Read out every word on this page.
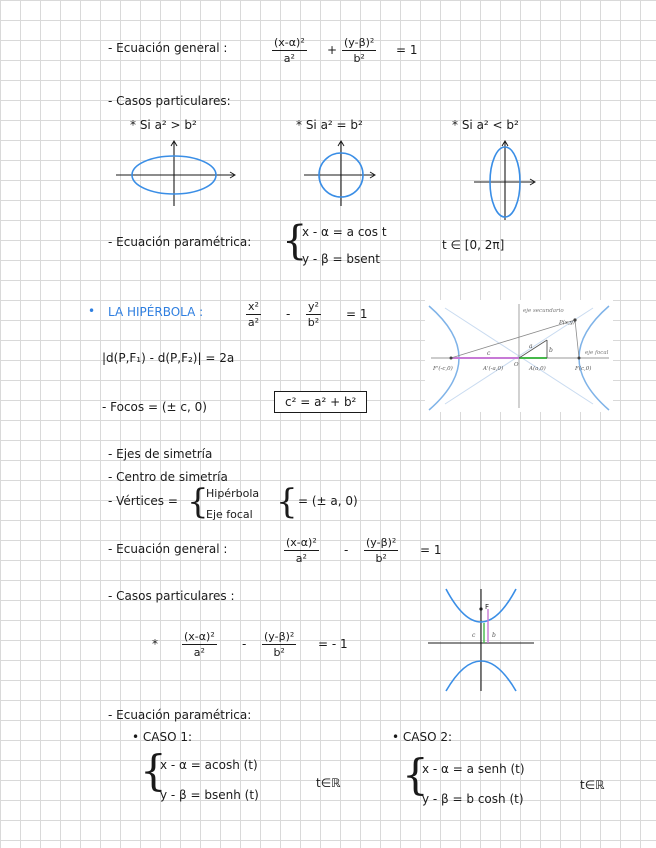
- Ecuación general :	$\frac{\text{(x-α)²}}{\text{a²}} + \frac{\text{(y-β)²}}{\text{b²}} = 1$
- Casos particulares:
* Si a² > b²	* Si a² = b²	* Si a² < b²
- Ecuación paramétrica: {
x - α = a cos t
y - β = bsent
t ∈ [0, 2π]
• LA HIPÉRBOLA :	$\frac{\text{x²}}{\text{a²}} - \frac{\text{y²}}{\text{b²}} = 1$
|d(P,F₁) - d(P,F₂)| = 2a
- Focos = (± c, 0)	c² = a² + b²
eje secundario
eje focal
P(x,y)
F'(-c,0)	A'(-a,0)	A(a,0)	F(c,0)
O
c
a
b
- Ejes de simetría
- Centro de simetría
- Vértices = {
Hipérbola
Eje focal { = (± a, 0)
- Ecuación general :	$\frac{\text{(x-α)²}}{\text{a²}} - \frac{\text{(y-β)²}}{\text{b²}} = 1$
- Casos particulares :
* $\frac{\text{(x-α)²}}{\text{a²}} - \frac{\text{(y-β)²}}{\text{b²}}$ = - 1
F
c	b
- Ecuación paramétrica:
• CASO 1:
{
x - α = acosh (t)
y - β = bsenh (t)
t∈ℝ
• CASO 2:
{
x - α = a senh (t)
y - β = b cosh (t)
t∈ℝ
